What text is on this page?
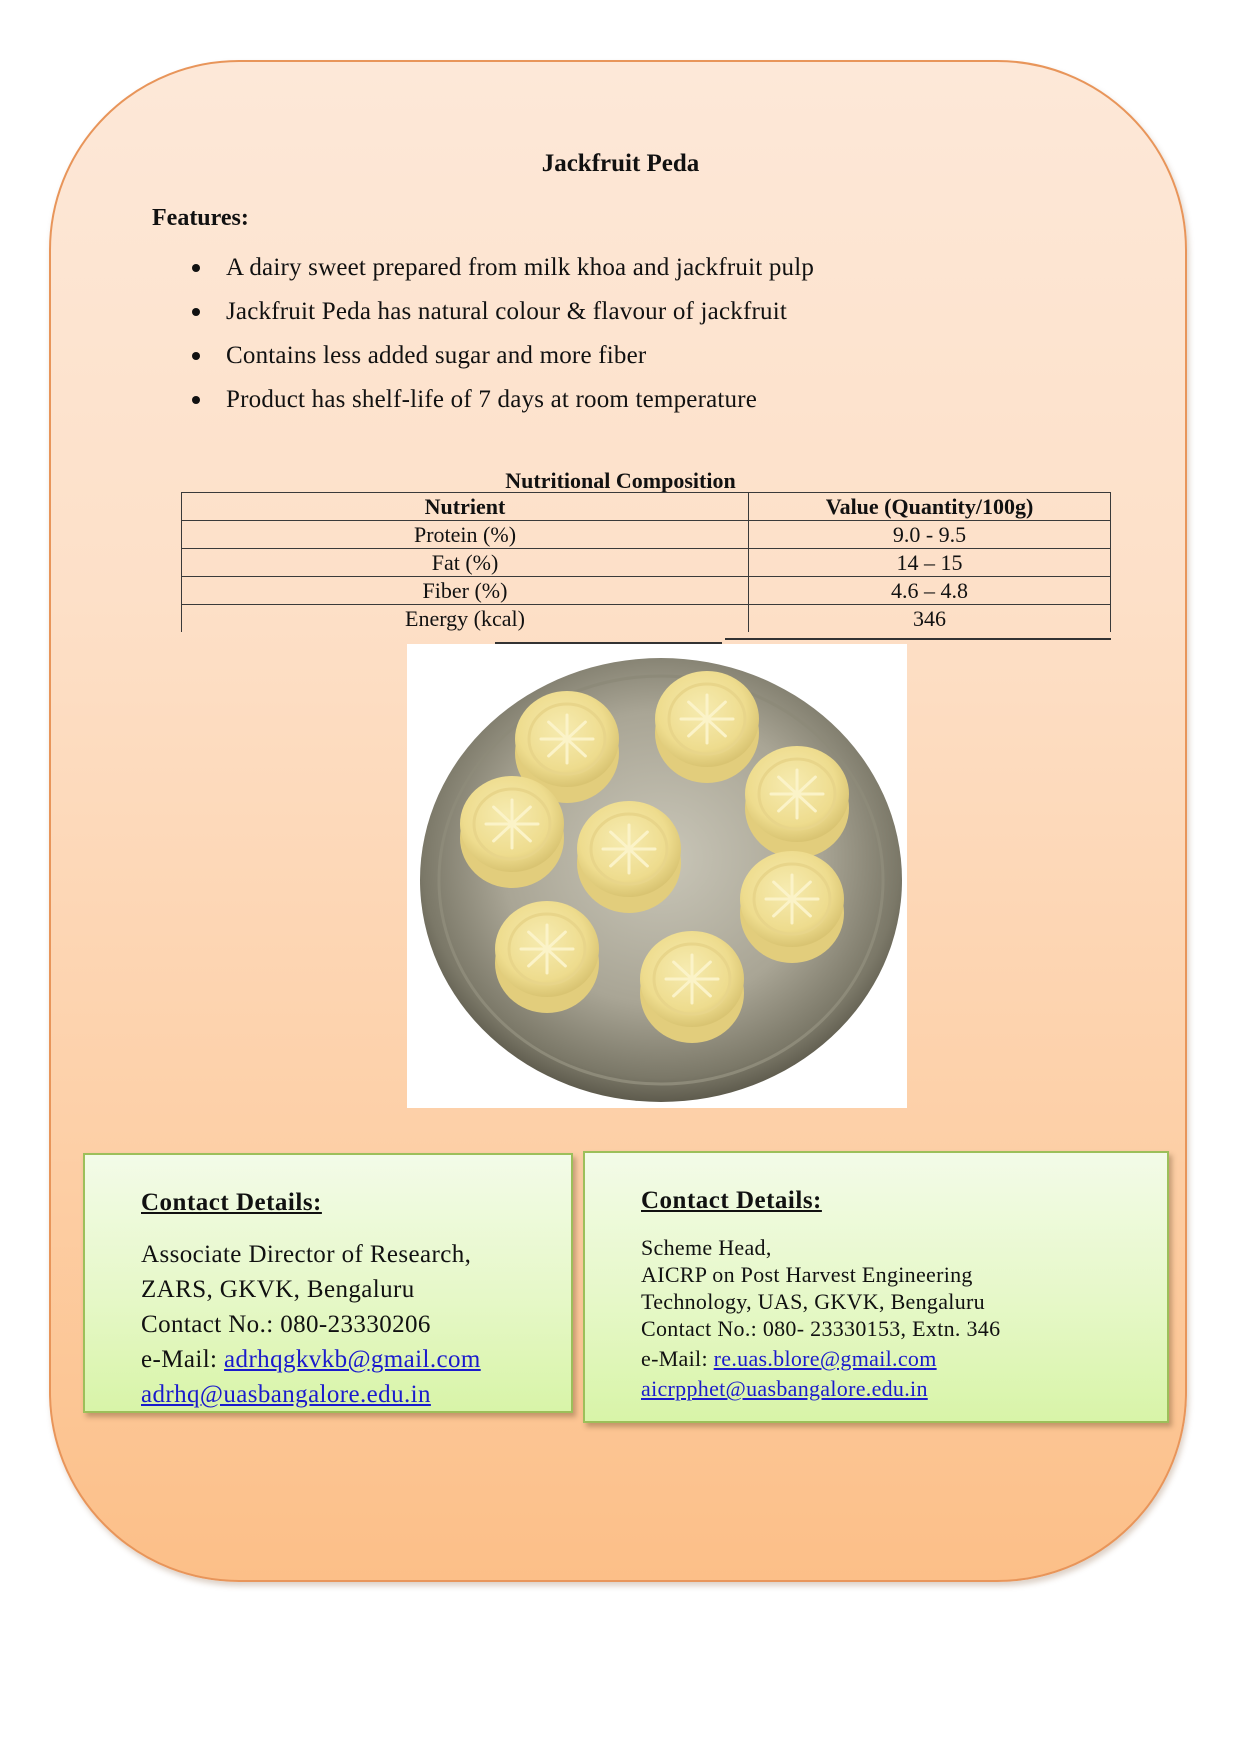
Jackfruit Peda
Features:
A dairy sweet prepared from milk khoa and jackfruit pulp
Jackfruit Peda has natural colour & flavour of jackfruit
Contains less added sugar and more fiber
Product has shelf-life of 7 days at room temperature
Nutritional Composition
Nutrient	Value (Quantity/100g)
Protein (%)	9.0 - 9.5
Fat (%)	14 – 15
Fiber (%)	4.6 – 4.8
Energy (kcal)	346
Contact Details:
Associate Director of Research,
ZARS, GKVK, Bengaluru
Contact No.: 080-23330206
e-Mail: adrhqgkvkb@gmail.com
adrhq@uasbangalore.edu.in
Contact Details:
Scheme Head,
AICRP on Post Harvest Engineering
Technology, UAS, GKVK, Bengaluru
Contact No.: 080- 23330153, Extn. 346
e-Mail: re.uas.blore@gmail.com
aicrpphet@uasbangalore.edu.in
